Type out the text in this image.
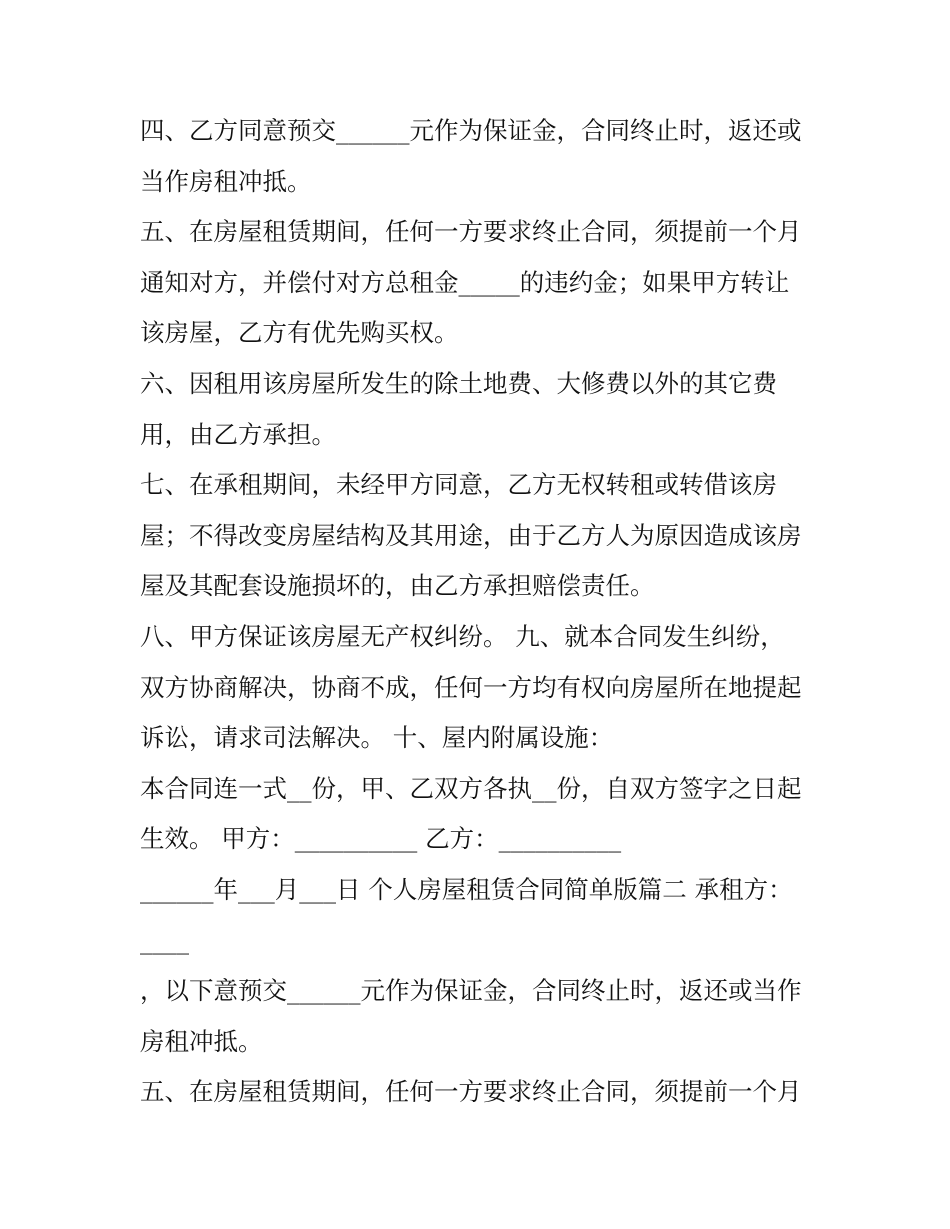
四、乙方同意预交______元作为保证金，合同终止时，返还或
当作房租冲抵。
五、在房屋租赁期间，任何一方要求终止合同，须提前一个月
通知对方，并偿付对方总租金_____的违约金；如果甲方转让
该房屋，乙方有优先购买权。
六、因租用该房屋所发生的除土地费、大修费以外的其它费
用，由乙方承担。
七、在承租期间，未经甲方同意，乙方无权转租或转借该房
屋；不得改变房屋结构及其用途，由于乙方人为原因造成该房
屋及其配套设施损坏的，由乙方承担赔偿责任。
八、甲方保证该房屋无产权纠纷。 九、就本合同发生纠纷，
双方协商解决，协商不成，任何一方均有权向房屋所在地提起
诉讼，请求司法解决。 十、屋内附属设施：
本合同连一式__份，甲、乙双方各执__份，自双方签字之日起
生效。 甲方：__________ 乙方：__________
______年___月___日 个人房屋租赁合同简单版篇二 承租方：
____
，以下意预交______元作为保证金，合同终止时，返还或当作
房租冲抵。
五、在房屋租赁期间，任何一方要求终止合同，须提前一个月
